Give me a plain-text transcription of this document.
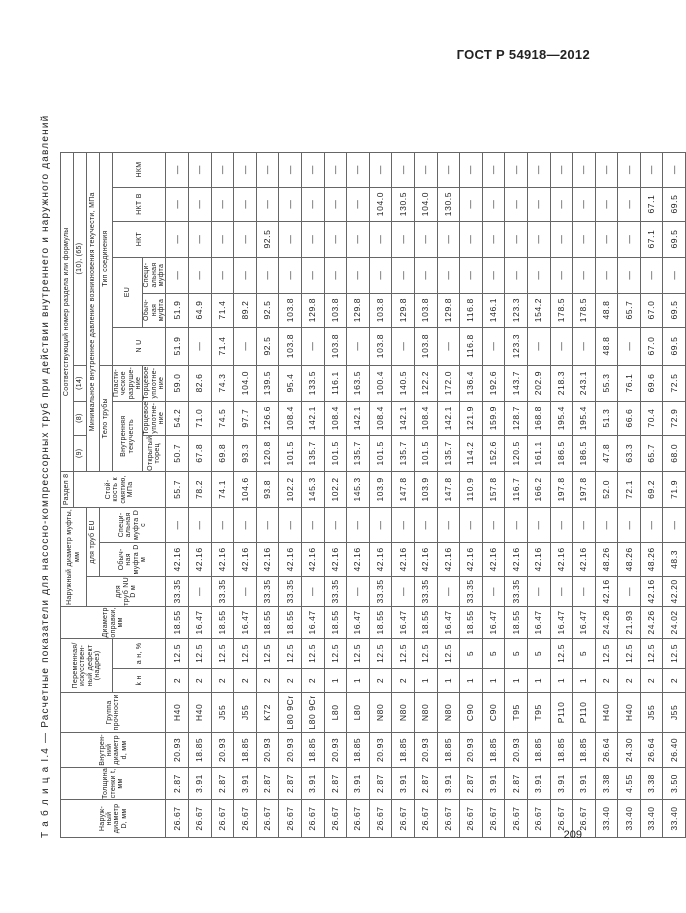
ГОСТ Р 54918—2012
Т а б л и ц а I.4 — Расчетные показатели для насосно-компрессорных труб при действии внутреннего и наружного давлений	Наруж-ный диаметр D, мм	Толщина стенки t, мм	Внутрен-ний диаметр d, мм	Группа прочности	Переменная/ искусствен-ный дефект (надрез)		Диаметр оправки, мм	Наружный диаметр муфты, мм			Раздел 8	Соответствующий номер раздела или формулы								
										Стой-кость к смятию, МПа	(9)	(8)	(14)	(10), (65)					
							для труб NU D м	для труб EU			Минимальное внутреннее давление возникновения текучести, МПа								
								Обыч-ная муфта D м	Специ-альная муфта D с		Тело трубы			Тип соединения					
				k н	a н, %						Внутренняя текучесть		Пласти-ческое разруше-ние	N U	EU		НКТ	НКТ В	НКМ
											Открытый торец	Торцевое уплотне-ние	Торцевое уплотне-ние		Обыч-ная муфта	Специ-альная муфта			
26.67	2.87	20.93	H40	2	12.5	18.55	33.35	42.16	—	55.7	50.7	54.2	59.0	51.9	51.9	—	—	—	—
26.67	3.91	18.85	H40	2	12.5	16.47	—	42.16	—	78.2	67.8	71.0	82.6	—	64.9	—	—	—	—
26.67	2.87	20.93	J55	2	12.5	18.55	33.35	42.16	—	74.1	69.8	74.5	74.3	71.4	71.4	—	—	—	—
26.67	3.91	18.85	J55	2	12.5	16.47	—	42.16	—	104.6	93.3	97.7	104.0	—	89.2	—	—	—	—
26.67	2.87	20.93	K72	2	12.5	18.55	33.35	42.16	—	93.8	120.8	126.6	139.5	92.5	92.5	—	92.5	—	—
26.67	2.87	20.93	L80 9Cr	2	12.5	18.55	33.35	42.16	—	102.2	101.5	108.4	95.4	103.8	103.8	—	—	—	—
26.67	3.91	18.85	L80 9Cr	2	12.5	16.47	—	42.16	—	145.3	135.7	142.1	133.5	—	129.8	—	—	—	—
26.67	2.87	20.93	L80	1	12.5	18.55	33.35	42.16	—	102.2	101.5	108.4	116.1	103.8	103.8	—	—	—	—
26.67	3.91	18.85	L80	1	12.5	16.47	—	42.16	—	145.3	135.7	142.1	163.5	—	129.8	—	—	—	—
26.67	2.87	20.93	N80	2	12.5	18.55	33.35	42.16	—	103.9	101.5	108.4	100.4	103.8	103.8	—	—	104.0	—
26.67	3.91	18.85	N80	2	12.5	16.47	—	42.16	—	147.8	135.7	142.1	140.5	—	129.8	—	—	130.5	—
26.67	2.87	20.93	N80	1	12.5	18.55	33.35	42.16	—	103.9	101.5	108.4	122.2	103.8	103.8	—	—	104.0	—
26.67	3.91	18.85	N80	1	12.5	16.47	—	42.16	—	147.8	135.7	142.1	172.0	—	129.8	—	—	130.5	—
26.67	2.87	20.93	C90	1	5	18.55	33.35	42.16	—	110.9	114.2	121.9	136.4	116.8	116.8	—	—	—	—
26.67	3.91	18.85	C90	1	5	16.47	—	42.16	—	157.8	152.6	159.9	192.6	—	146.1	—	—	—	—
26.67	2.87	20.93	T95	1	5	18.55	33.35	42.16	—	116.7	120.5	128.7	143.7	123.3	123.3	—	—	—	—
26.67	3.91	18.85	T95	1	5	16.47	—	42.16	—	166.2	161.1	168.8	202.9	—	154.2	—	—	—	—
26.67	3.91	18.85	P110	1	12.5	16.47	—	42.16	—	197.8	186.5	195.4	218.3	—	178.5	—	—	—	—
26.67	3.91	18.85	P110	1	5	16.47	—	42.16	—	197.8	186.5	195.4	243.1	—	178.5	—	—	—	—
33.40	3.38	26.64	H40	2	12.5	24.26	42.16	48.26	—	52.0	47.8	51.3	55.3	48.8	48.8	—	—	—	—
33.40	4.55	24.30	H40	2	12.5	21.93	—	48.26	—	72.1	63.3	66.6	76.1	—	65.7	—	—	—	—
33.40	3.38	26.64	J55	2	12.5	24.26	42.16	48.26	—	69.2	65.7	70.4	69.6	67.0	67.0	—	67.1	67.1	—
33.40	3.50	26.40	J55	2	12.5	24.02	42.20	48.3	—	71.9	68.0	72.9	72.5	69.5	69.5	—	69.5	69.5	—
209
